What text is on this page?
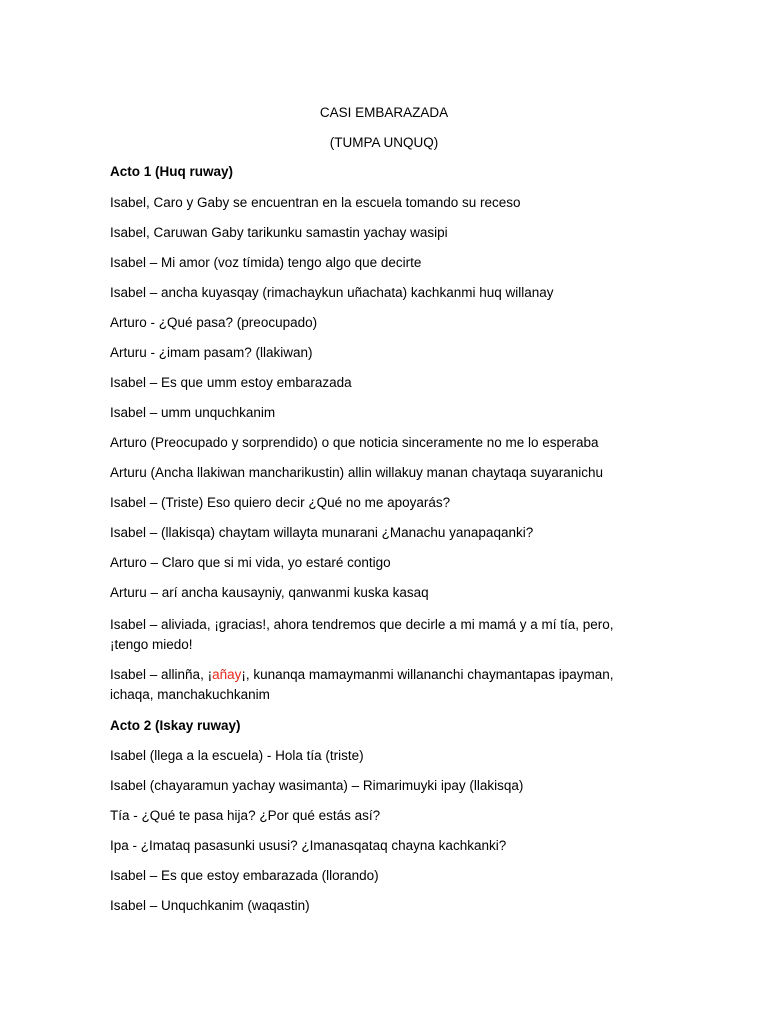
CASI EMBARAZADA
(TUMPA UNQUQ)
Acto 1 (Huq ruway)
Isabel, Caro y Gaby se encuentran en la escuela tomando su receso
Isabel, Caruwan Gaby tarikunku samastin yachay wasipi
Isabel – Mi amor (voz tímida) tengo algo que decirte
Isabel – ancha kuyasqay (rimachaykun uñachata) kachkanmi huq willanay
Arturo - ¿Qué pasa? (preocupado)
Arturu - ¿imam pasam? (llakiwan)
Isabel – Es que umm estoy embarazada
Isabel – umm unquchkanim
Arturo (Preocupado y sorprendido) o que noticia sinceramente no me lo esperaba
Arturu (Ancha llakiwan mancharikustin) allin willakuy manan chaytaqa suyaranichu
Isabel – (Triste) Eso quiero decir ¿Qué no me apoyarás?
Isabel – (llakisqa) chaytam willayta munarani ¿Manachu yanapaqanki?
Arturo – Claro que si mi vida, yo estaré contigo
Arturu – arí ancha kausayniy, qanwanmi kuska kasaq
Isabel – aliviada, ¡graciasǃ, ahora tendremos que decirle a mi mamá y a mí tía, pero, ¡tengo miedo!
Isabel – allinña, ¡añay¡, kunanqa mamaymanmi willananchi chaymantapas ipayman, ichaqa, manchakuchkanim
Acto 2 (Iskay ruway)
Isabel (llega a la escuela) - Hola tía (triste)
Isabel (chayaramun yachay wasimanta) – Rimarimuyki ipay (llakisqa)
Tía - ¿Qué te pasa hija? ¿Por qué estás así?
Ipa - ¿Imataq pasasunki ususi? ¿Imanasqataq chayna kachkanki?
Isabel – Es que estoy embarazada (llorando)
Isabel – Unquchkanim (waqastin)
